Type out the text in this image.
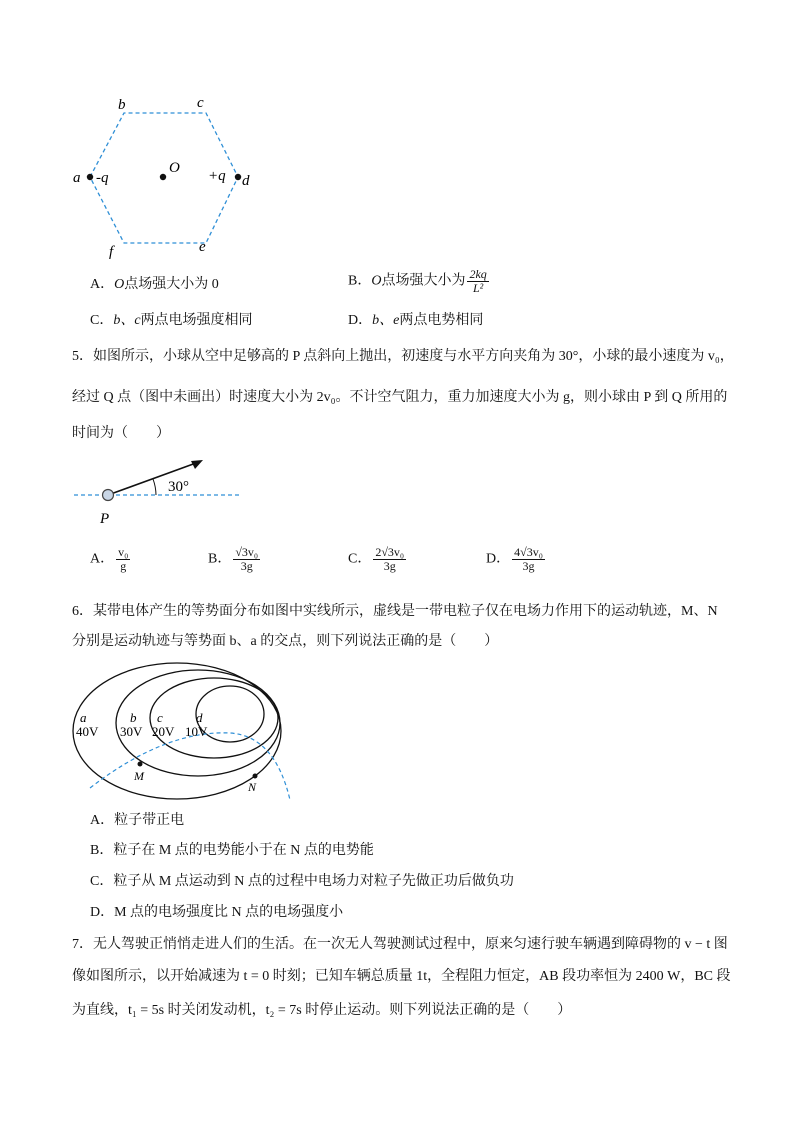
b	c
a -q
O +q d
f	e
A．O点场强大小为 0	B．O点场强大小为 $\frac{2kq}{\text{L²}}$
C．b、c两点电场强度相同	D．b、e两点电势相同
5．如图所示，小球从空中足够高的 P 点斜向上抛出，初速度与水平方向夹角为 30°，小球的最小速度为 v₀，
经过 Q 点（图中未画出）时速度大小为 2v₀。不计空气阻力，重力加速度大小为 g，则小球由 P 到 Q 所用的
时间为（　　）
30°
P
A． $\frac{\text{v₀}}{g}$	B． $\frac{\text{√3v₀}}{3g}$	C． $\frac{\text{2√3v₀}}{3g}$	D． $\frac{\text{4√3v₀}}{3g}$
6．某带电体产生的等势面分布如图中实线所示，虚线是一带电粒子仅在电场力作用下的运动轨迹，M、N
分别是运动轨迹与等势面 b、a 的交点，则下列说法正确的是（　　）
a
40V
b
30V
c
20V
d
10V
M
N
A．粒子带正电
B．粒子在 M 点的电势能小于在 N 点的电势能
C．粒子从 M 点运动到 N 点的过程中电场力对粒子先做正功后做负功
D．M 点的电场强度比 N 点的电场强度小
7．无人驾驶正悄悄走进人们的生活。在一次无人驾驶测试过程中，原来匀速行驶车辆遇到障碍物的 v − t 图
像如图所示，以开始减速为 t = 0 时刻；已知车辆总质量 1t，全程阻力恒定，AB 段功率恒为 2400 W，BC 段
为直线，t₁ = 5s 时关闭发动机，t₂ = 7s 时停止运动。则下列说法正确的是（　　）
